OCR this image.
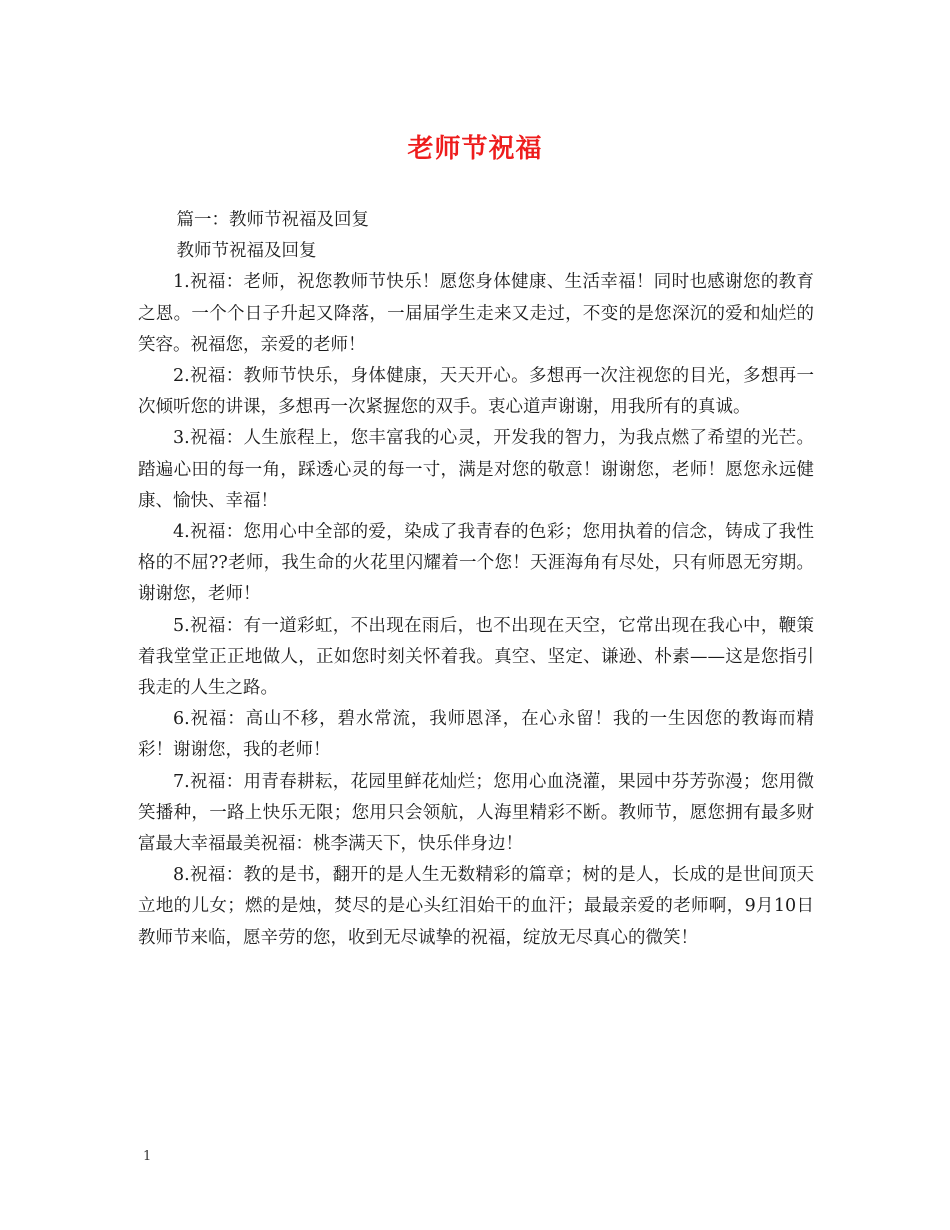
老师节祝福

篇一：教师节祝福及回复

教师节祝福及回复

1.祝福：老师，祝您教师节快乐！愿您身体健康、生活幸福！同时也感谢您的教育之恩。一个个日子升起又降落，一届届学生走来又走过，不变的是您深沉的爱和灿烂的笑容。祝福您，亲爱的老师！

2.祝福：教师节快乐，身体健康，天天开心。多想再一次注视您的目光，多想再一次倾听您的讲课，多想再一次紧握您的双手。衷心道声谢谢，用我所有的真诚。

3.祝福：人生旅程上，您丰富我的心灵，开发我的智力，为我点燃了希望的光芒。踏遍心田的每一角，踩透心灵的每一寸，满是对您的敬意！谢谢您，老师！愿您永远健康、愉快、幸福！

4.祝福：您用心中全部的爱，染成了我青春的色彩；您用执着的信念，铸成了我性格的不屈??老师，我生命的火花里闪耀着一个您！天涯海角有尽处，只有师恩无穷期。谢谢您，老师！

5.祝福：有一道彩虹，不出现在雨后，也不出现在天空，它常出现在我心中，鞭策着我堂堂正正地做人，正如您时刻关怀着我。真空、坚定、谦逊、朴素——这是您指引我走的人生之路。

6.祝福：高山不移，碧水常流，我师恩泽，在心永留！我的一生因您的教诲而精彩！谢谢您，我的老师！

7.祝福：用青春耕耘，花园里鲜花灿烂；您用心血浇灌，果园中芬芳弥漫；您用微笑播种，一路上快乐无限；您用只会领航，人海里精彩不断。教师节，愿您拥有最多财富最大幸福最美祝福：桃李满天下，快乐伴身边！

8.祝福：教的是书，翻开的是人生无数精彩的篇章；树的是人，长成的是世间顶天立地的儿女；燃的是烛，焚尽的是心头红泪始干的血汗；最最亲爱的老师啊，9月10日教师节来临，愿辛劳的您，收到无尽诚挚的祝福，绽放无尽真心的微笑！

1
